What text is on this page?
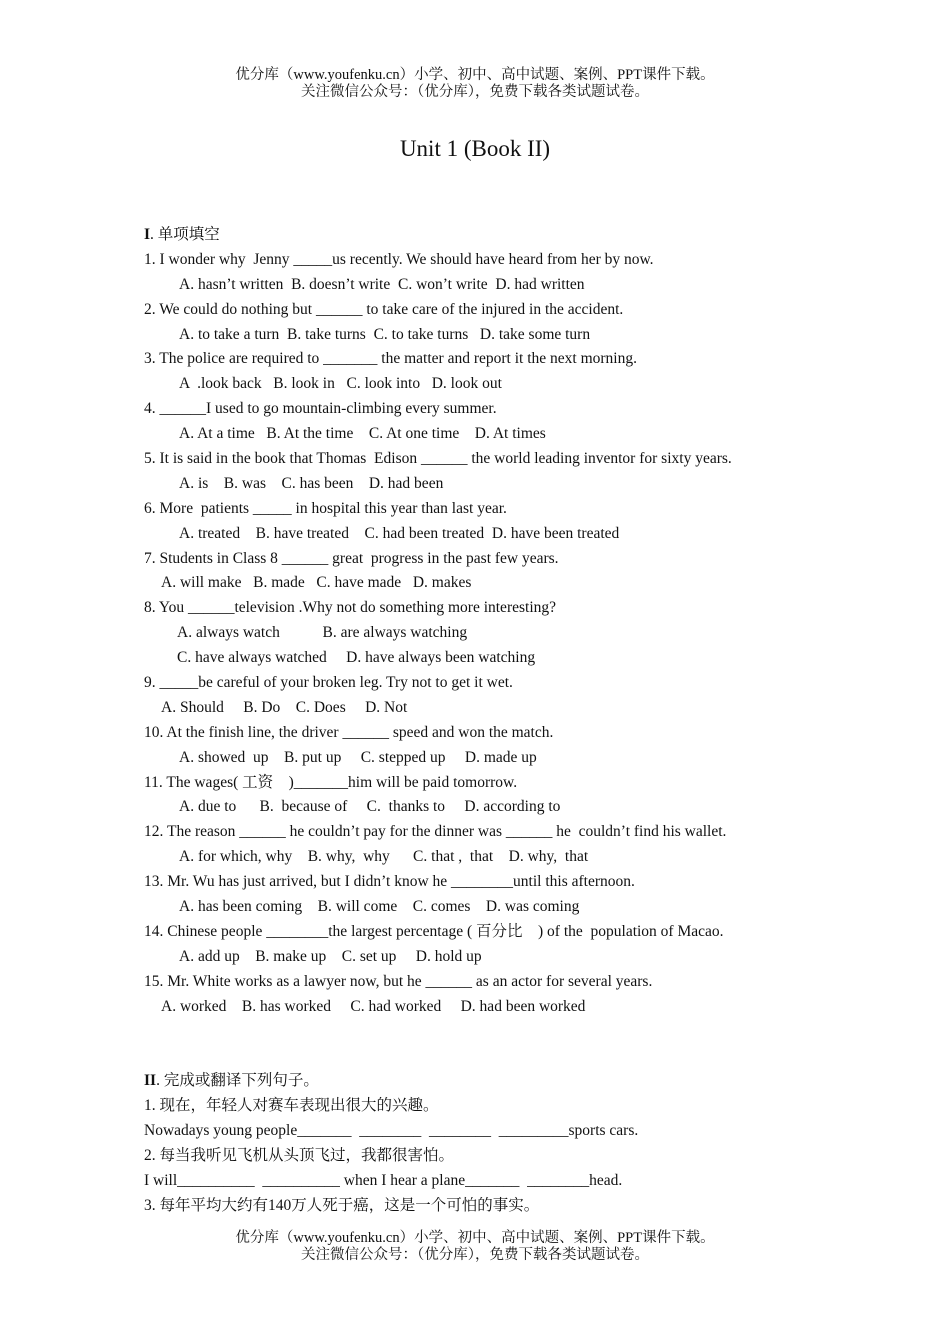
优分库（www.youfenku.cn）小学、初中、高中试题、案例、PPT课件下载。
关注微信公众号：（优分库），免费下载各类试题试卷。
Unit 1 (Book II)
I. 单项填空
1. I wonder why  Jenny _____us recently. We should have heard from her by now.
A. hasn’t written  B. doesn’t write  C. won’t write  D. had written
2. We could do nothing but ______ to take care of the injured in the accident.
A. to take a turn  B. take turns  C. to take turns   D. take some turn
3. The police are required to _______ the matter and report it the next morning.
A  .look back   B. look in   C. look into   D. look out
4. ______I used to go mountain-climbing every summer.
A. At a time   B. At the time    C. At one time    D. At times
5. It is said in the book that Thomas  Edison ______ the world leading inventor for sixty years.
A. is    B. was    C. has been    D. had been
6. More  patients _____ in hospital this year than last year.
A. treated    B. have treated    C. had been treated  D. have been treated
7. Students in Class 8 ______ great  progress in the past few years.
A. will make   B. made   C. have made   D. makes
8. You ______television .Why not do something more interesting?
A. always watch           B. are always watching
C. have always watched     D. have always been watching
9. _____be careful of your broken leg. Try not to get it wet.
A. Should     B. Do    C. Does     D. Not
10. At the finish line, the driver ______ speed and won the match.
A. showed  up    B. put up     C. stepped up     D. made up
11. The wages( 工资    )_______him will be paid tomorrow.
A. due to      B.  because of     C.  thanks to     D. according to
12. The reason ______ he couldn’t pay for the dinner was ______ he  couldn’t find his wallet.
A. for which, why    B. why,  why      C. that ,  that    D. why,  that
13. Mr. Wu has just arrived, but I didn’t know he ________until this afternoon.
A. has been coming    B. will come    C. comes    D. was coming
14. Chinese people ________the largest percentage ( 百分比    ) of the  population of Macao.
A. add up    B. make up    C. set up     D. hold up
15. Mr. White works as a lawyer now, but he ______ as an actor for several years.
A. worked    B. has worked     C. had worked     D. had been worked
II. 完成或翻译下列句子。
1. 现在，年轻人对赛车表现出很大的兴趣。
Nowadays young people_______  ________  ________  _________sports cars.
2. 每当我听见飞机从头顶飞过，我都很害怕。
I will__________  __________ when I hear a plane_______  ________head.
3. 每年平均大约有140万人死于癌，这是一个可怕的事实。
优分库（www.youfenku.cn）小学、初中、高中试题、案例、PPT课件下载。
关注微信公众号：（优分库），免费下载各类试题试卷。
